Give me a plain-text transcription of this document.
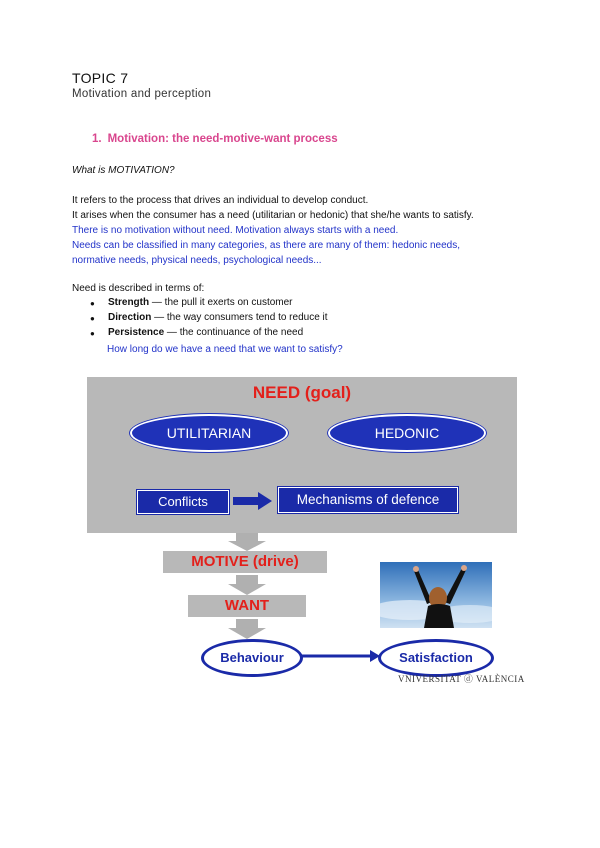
TOPIC 7
Motivation and perception
1. Motivation: the need-motive-want process
What is MOTIVATION?
It refers to the process that drives an individual to develop conduct.
It arises when the consumer has a need (utilitarian or hedonic) that she/he wants to satisfy.
There is no motivation without need. Motivation always starts with a need.
Needs can be classified in many categories, as there are many of them: hedonic needs,
normative needs, physical needs, psychological needs...
Need is described in terms of:
● Strength — the pull it exerts on customer
● Direction — the way consumers tend to reduce it
● Persistence — the continuance of the need
How long do we have a need that we want to satisfy?
NEED (goal)
UTILITARIAN	HEDONIC
Conflicts	Mechanisms of defence
MOTIVE (drive)
WANT
Behaviour	Satisfaction
VNIVERSITAT ⓓ VALÈNCIA
